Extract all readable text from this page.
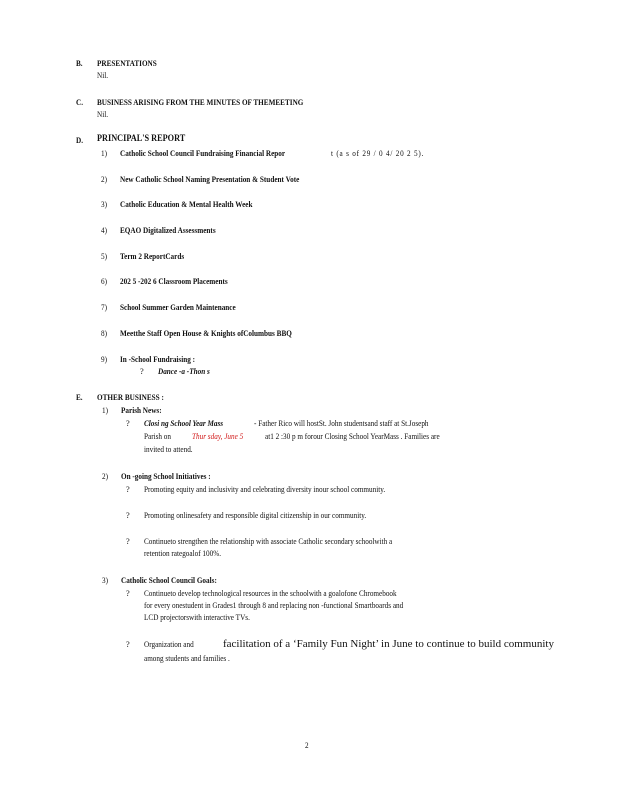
B. PRESENTATIONS
Nil.
C. BUSINESS ARISING FROM THE MINUTES OF THEMEETING
Nil.
D. PRINCIPAL'S REPORT
1) Catholic School Council Fundraising Financial Repor	t (a s of 29 / 0 4/ 20 2 5).
2) New Catholic School Naming Presentation & Student Vote
3) Catholic Education & Mental Health Week
4) EQAO Digitalized Assessments
5) Term 2 ReportCards
6) 202 5 -202 6 Classroom Placements
7) School Summer Garden Maintenance
8) Meetthe Staff Open House & Knights ofColumbus BBQ
9) In -School Fundraising :
? Dance -a -Thon s
E. OTHER BUSINESS :
1) Parish News:
? Closi ng School Year Mass	- Father Rico will hostSt. John studentsand staff at St.Joseph
Parish on Thur sday, June 5	at1 2 :30 p m forour Closing School YearMass . Families are
invited to attend.
2) On -going School Initiatives :
? Promoting equity and inclusivity and celebrating diversity inour school community.
? Promoting onlinesafety and responsible digital citizenship in our community.
? Continueto strengthen the relationship with associate Catholic secondary schoolwith a
retention rategoalof 100%.
3) Catholic School Council Goals:
? Continueto develop technological resources in the schoolwith a goalofone Chromebook
for every onestudent in Grades1 through 8 and replacing non -functional Smartboards and
LCD projectorswith interactive TVs.
? Organization and	facilitation of a ‘Family Fun Night’ in June to continue to build community
among students and families .
2
